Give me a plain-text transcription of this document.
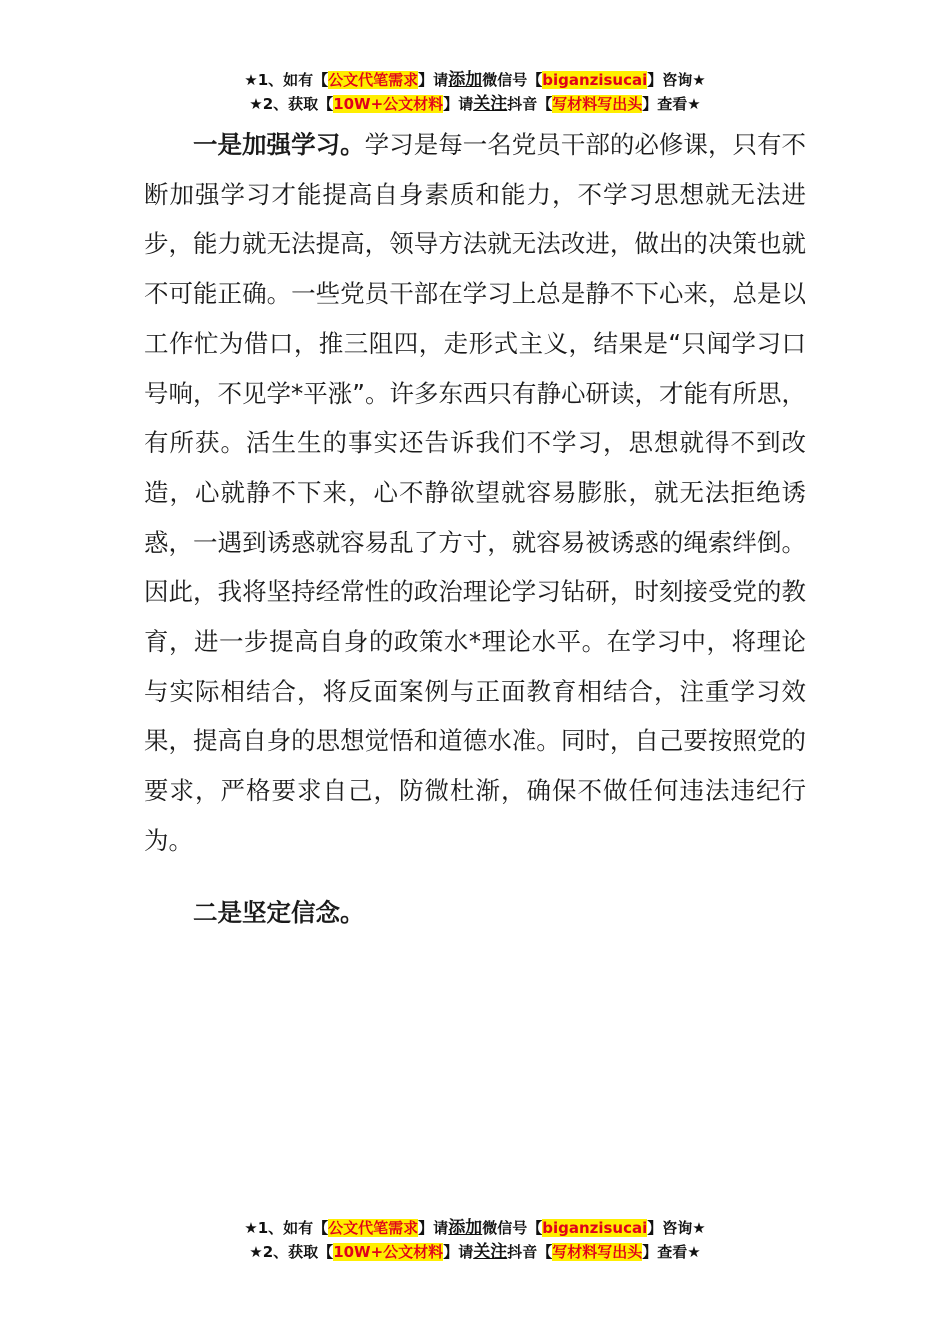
★1、如有【公文代笔需求】请添加微信号【biganzisucai】咨询★
★2、获取【10W+公文材料】请关注抖音【写材料写出头】查看★

一是加强学习。学习是每一名党员干部的必修课，只有不断加强学习才能提高自身素质和能力，不学习思想就无法进步，能力就无法提高，领导方法就无法改进，做出的决策也就不可能正确。一些党员干部在学习上总是静不下心来，总是以工作忙为借口，推三阻四，走形式主义，结果是“只闻学习口号响，不见学*平涨”。许多东西只有静心研读，才能有所思，有所获。活生生的事实还告诉我们不学习，思想就得不到改造，心就静不下来，心不静欲望就容易膨胀，就无法拒绝诱惑，一遇到诱惑就容易乱了方寸，就容易被诱惑的绳索绊倒。因此，我将坚持经常性的政治理论学习钻研，时刻接受党的教育，进一步提高自身的政策水*理论水平。在学习中，将理论与实际相结合，将反面案例与正面教育相结合，注重学习效果，提高自身的思想觉悟和道德水准。同时，自己要按照党的要求，严格要求自己，防微杜渐，确保不做任何违法违纪行为。

二是坚定信念。

★1、如有【公文代笔需求】请添加微信号【biganzisucai】咨询★
★2、获取【10W+公文材料】请关注抖音【写材料写出头】查看★
